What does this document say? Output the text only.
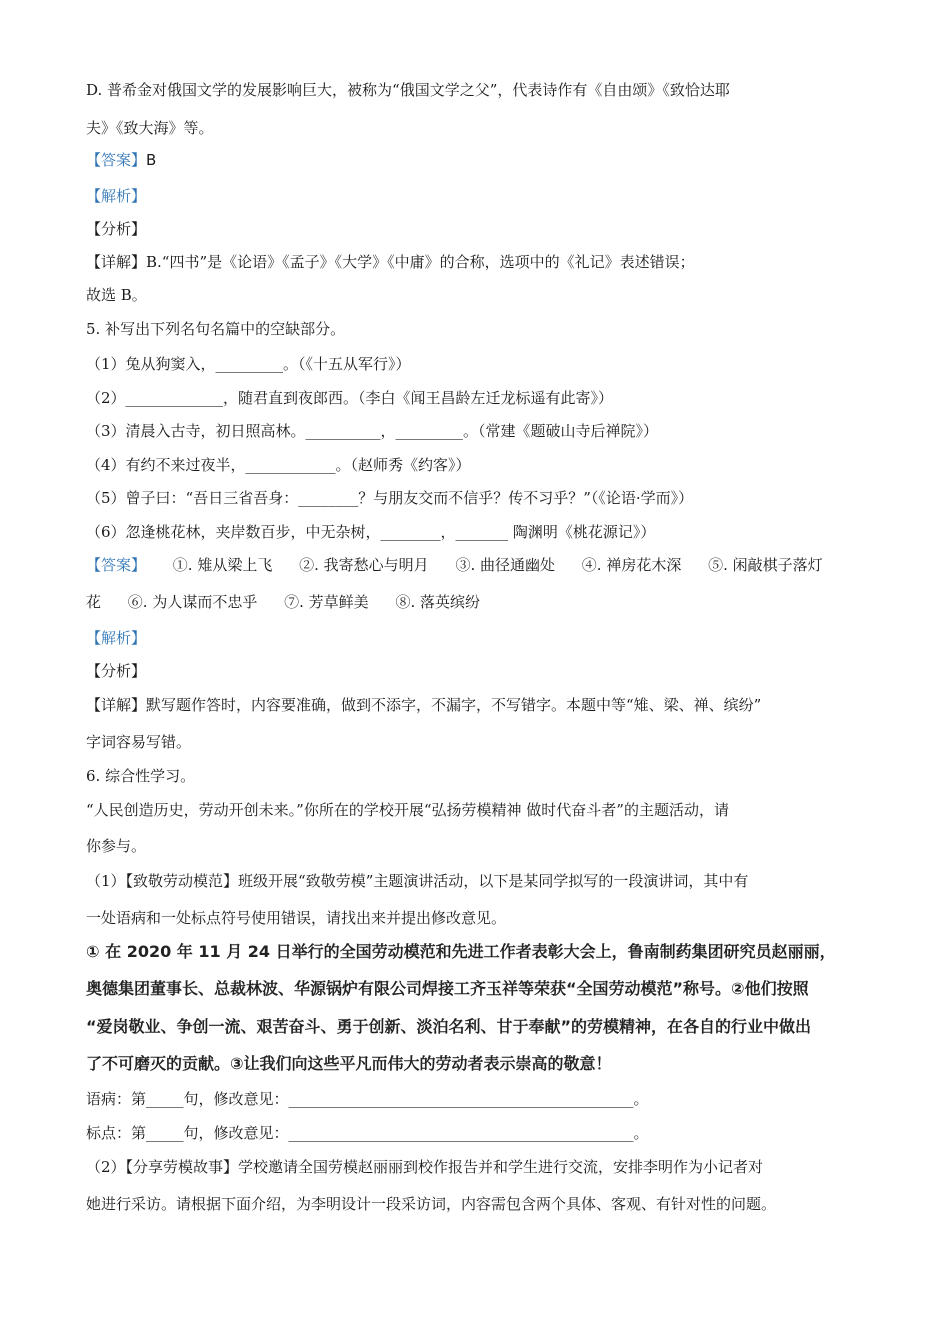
D. 普希金对俄国文学的发展影响巨大，被称为“俄国文学之父”，代表诗作有《自由颂》《致恰达耶
夫》《致大海》等。
【答案】B
【解析】
【分析】
【详解】B.“四书”是《论语》《孟子》《大学》《中庸》的合称，选项中的《礼记》表述错误；
故选 B。
5. 补写出下列名句名篇中的空缺部分。
（1）兔从狗窦入，_________。（《十五从军行》）
（2）_____________，随君直到夜郎西。（李白《闻王昌龄左迁龙标遥有此寄》）
（3）清晨入古寺，初日照高林。__________，_________。（常建《题破山寺后禅院》）
（4）有约不来过夜半，____________。（赵师秀《约客》）
（5）曾子曰：“吾日三省吾身：________？与朋友交而不信乎？传不习乎？”（《论语·学而》）
（6）忽逢桃花林，夹岸数百步，中无杂树，________，_______ 陶渊明《桃花源记》）
【答案】 ①. 雉从梁上飞 ②. 我寄愁心与明月 ③. 曲径通幽处 ④. 禅房花木深 ⑤. 闲敲棋子落灯
花 ⑥. 为人谋而不忠乎 ⑦. 芳草鲜美 ⑧. 落英缤纷
【解析】
【分析】
【详解】默写题作答时，内容要准确，做到不添字，不漏字，不写错字。本题中等“雉、梁、禅、缤纷”
字词容易写错。
6. 综合性学习。
“人民创造历史，劳动开创未来。”你所在的学校开展“弘扬劳模精神 做时代奋斗者”的主题活动，请
你参与。
（1）【致敬劳动模范】班级开展“致敬劳模”主题演讲活动，以下是某同学拟写的一段演讲词，其中有
一处语病和一处标点符号使用错误，请找出来并提出修改意见。
① 在 2020 年 11 月 24 日举行的全国劳动模范和先进工作者表彰大会上，鲁南制药集团研究员赵丽丽，
奥德集团董事长、总裁林波、华源锅炉有限公司焊接工齐玉祥等荣获“全国劳动模范”称号。②他们按照
“爱岗敬业、争创一流、艰苦奋斗、勇于创新、淡泊名利、甘于奉献”的劳模精神，在各自的行业中做出
了不可磨灭的贡献。③让我们向这些平凡而伟大的劳动者表示崇高的敬意！
语病：第_____句，修改意见：______________________________________________。
标点：第_____句，修改意见：______________________________________________。
（2）【分享劳模故事】学校邀请全国劳模赵丽丽到校作报告并和学生进行交流，安排李明作为小记者对
她进行采访。请根据下面介绍，为李明设计一段采访词，内容需包含两个具体、客观、有针对性的问题。
